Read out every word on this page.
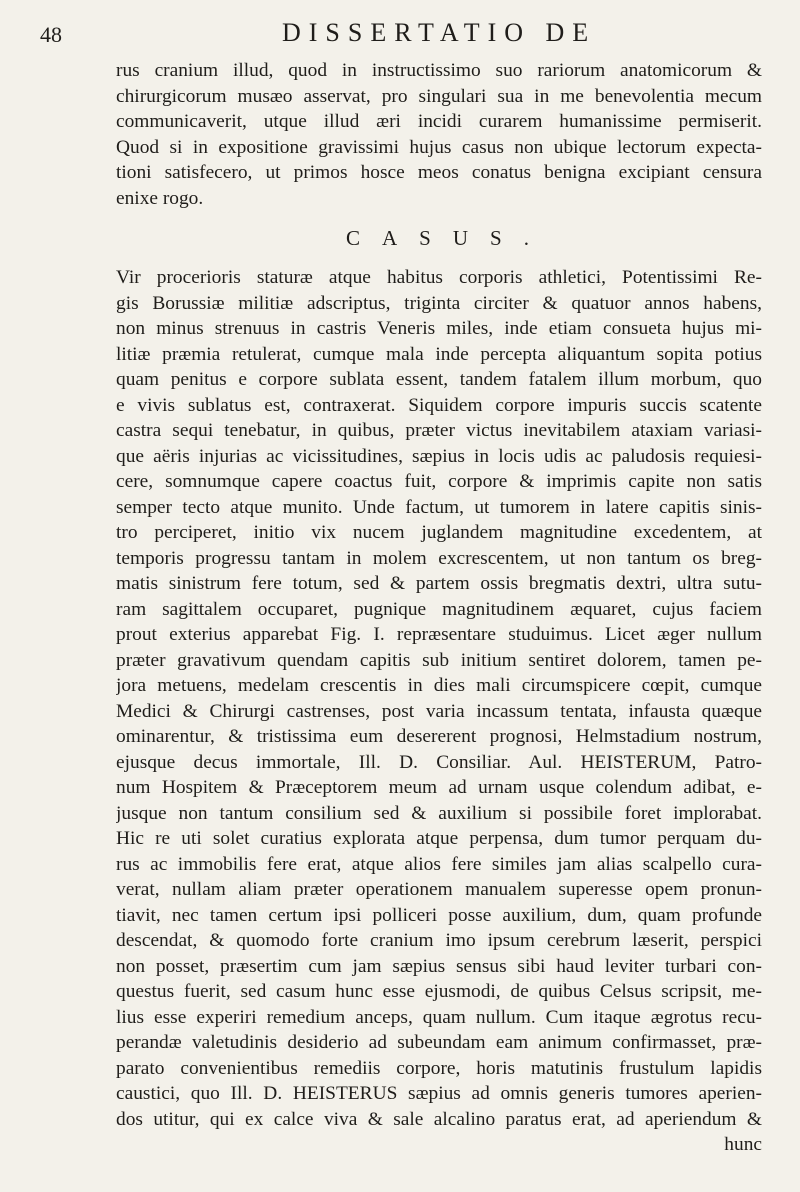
48	DISSERTATIO DE
rus cranium illud, quod in instructissimo suo rariorum anatomicorum &
chirurgicorum musæo asservat, pro singulari sua in me benevolentia mecum
communicaverit, utque illud æri incidi curarem humanissime permiserit.
Quod si in expositione gravissimi hujus casus non ubique lectorum expecta-
tioni satisfecero, ut primos hosce meos conatus benigna excipiant censura
enixe rogo.
CASUS.
Vir procerioris staturæ atque habitus corporis athletici, Potentissimi Re-
gis Borussiæ militiæ adscriptus, triginta circiter & quatuor annos habens,
non minus strenuus in castris Veneris miles, inde etiam consueta hujus mi-
litiæ præmia retulerat, cumque mala inde percepta aliquantum sopita potius
quam penitus e corpore sublata essent, tandem fatalem illum morbum, quo
e vivis sublatus est, contraxerat. Siquidem corpore impuris succis scatente
castra sequi tenebatur, in quibus, præter victus inevitabilem ataxiam variasi-
que aëris injurias ac vicissitudines, sæpius in locis udis ac paludosis requiesi-
cere, somnumque capere coactus fuit, corpore & imprimis capite non satis
semper tecto atque munito. Unde factum, ut tumorem in latere capitis sinis-
tro perciperet, initio vix nucem juglandem magnitudine excedentem, at
temporis progressu tantam in molem excrescentem, ut non tantum os breg-
matis sinistrum fere totum, sed & partem ossis bregmatis dextri, ultra sutu-
ram sagittalem occuparet, pugnique magnitudinem æquaret, cujus faciem
prout exterius apparebat Fig. I. repræsentare studuimus. Licet æger nullum
præter gravativum quendam capitis sub initium sentiret dolorem, tamen pe-
jora metuens, medelam crescentis in dies mali circumspicere cœpit, cumque
Medici & Chirurgi castrenses, post varia incassum tentata, infausta quæque
ominarentur, & tristissima eum desererent prognosi, Helmstadium nostrum,
ejusque decus immortale, Ill. D. Consiliar. Aul. HEISTERUM, Patro-
num Hospitem & Præceptorem meum ad urnam usque colendum adibat, e-
jusque non tantum consilium sed & auxilium si possibile foret implorabat.
Hic re uti solet curatius explorata atque perpensa, dum tumor perquam du-
rus ac immobilis fere erat, atque alios fere similes jam alias scalpello cura-
verat, nullam aliam præter operationem manualem superesse opem pronun-
tiavit, nec tamen certum ipsi polliceri posse auxilium, dum, quam profunde
descendat, & quomodo forte cranium imo ipsum cerebrum læserit, perspici
non posset, præsertim cum jam sæpius sensus sibi haud leviter turbari con-
questus fuerit, sed casum hunc esse ejusmodi, de quibus Celsus scripsit, me-
lius esse experiri remedium anceps, quam nullum. Cum itaque ægrotus recu-
perandæ valetudinis desiderio ad subeundam eam animum confirmasset, præ-
parato convenientibus remediis corpore, horis matutinis frustulum lapidis
caustici, quo Ill. D. HEISTERUS sæpius ad omnis generis tumores aperien-
dos utitur, qui ex calce viva & sale alcalino paratus erat, ad aperiendum &
hunc
